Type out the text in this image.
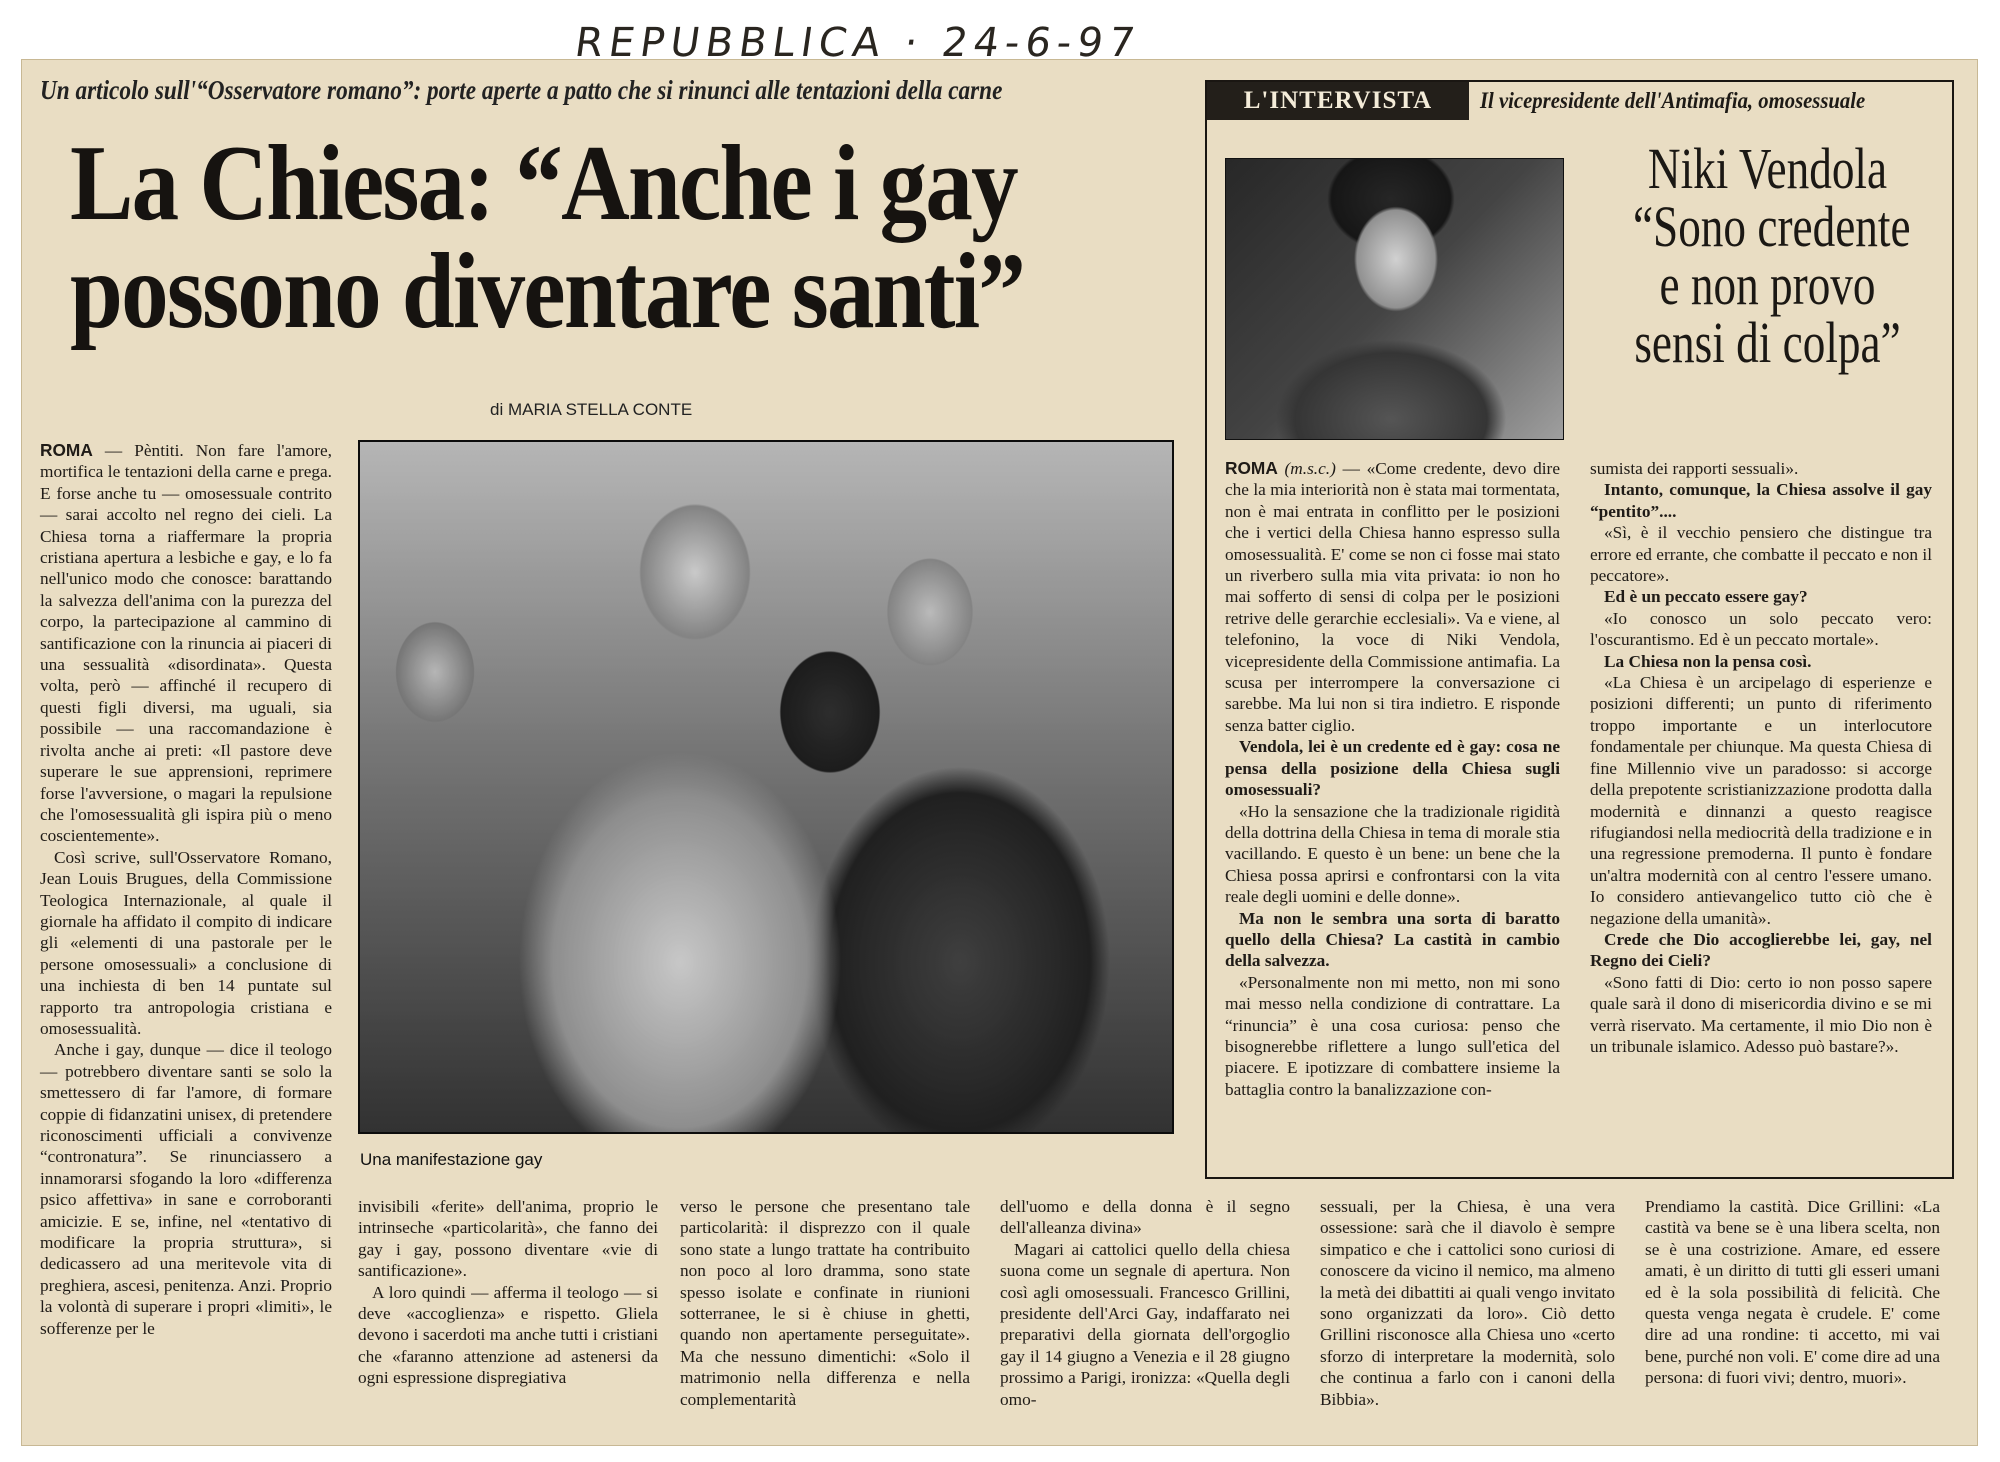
REPUBBLICA · 24-6-97
Un articolo sull'“Osservatore romano”: porte aperte a patto che si rinunci alle tentazioni della carne
La Chiesa: “Anche i gay
possono diventare santi”
di MARIA STELLA CONTE

ROMA — Pèntiti. Non fare l'amore, mortifica le tentazioni della carne e prega. E forse anche tu — omosessuale contrito — sarai accolto nel regno dei cieli. La Chiesa torna a riaffermare la propria cristiana apertura a lesbiche e gay, e lo fa nell'unico modo che conosce: barattando la salvezza dell'anima con la purezza del corpo, la partecipazione al cammino di santificazione con la rinuncia ai piaceri di una sessualità «disordinata». Questa volta, però — affinché il recupero di questi figli diversi, ma uguali, sia possibile — una raccomandazione è rivolta anche ai preti: «Il pastore deve superare le sue apprensioni, reprimere forse l'avversione, o magari la repulsione che l'omosessualità gli ispira più o meno coscientemente».

Così scrive, sull'Osservatore Romano, Jean Louis Brugues, della Commissione Teologica Internazionale, al quale il giornale ha affidato il compito di indicare gli «elementi di una pastorale per le persone omosessuali» a conclusione di una inchiesta di ben 14 puntate sul rapporto tra antropologia cristiana e omosessualità.

Anche i gay, dunque — dice il teologo — potrebbero diventare santi se solo la smettessero di far l'amore, di formare coppie di fidanzatini unisex, di pretendere riconoscimenti ufficiali a convivenze “contronatura”. Se rinunciassero a innamorarsi sfogando la loro «differenza psico affettiva» in sane e corroboranti amicizie. E se, infine, nel «tentativo di modificare la propria struttura», si dedicassero ad una meritevole vita di preghiera, ascesi, penitenza. Anzi. Proprio la volontà di superare i propri «limiti», le sofferenze per le

Una manifestazione gay

invisibili «ferite» dell'anima, proprio le intrinseche «particolarità», che fanno dei gay i gay, possono diventare «vie di santificazione».

A loro quindi — afferma il teologo — si deve «accoglienza» e rispetto. Gliela devono i sacerdoti ma anche tutti i cristiani che «faranno attenzione ad astenersi da ogni espressione dispregiativa

verso le persone che presentano tale particolarità: il disprezzo con il quale sono state a lungo trattate ha contribuito non poco al loro dramma, sono state spesso isolate e confinate in riunioni sotterranee, le si è chiuse in ghetti, quando non apertamente perseguitate». Ma che nessuno dimentichi: «Solo il matrimonio nella differenza e nella complementarità

dell'uomo e della donna è il segno dell'alleanza divina»

Magari ai cattolici quello della chiesa suona come un segnale di apertura. Non così agli omosessuali. Francesco Grillini, presidente dell'Arci Gay, indaffarato nei preparativi della giornata dell'orgoglio gay il 14 giugno a Venezia e il 28 giugno prossimo a Parigi, ironizza: «Quella degli omo-

sessuali, per la Chiesa, è una vera ossessione: sarà che il diavolo è sempre simpatico e che i cattolici sono curiosi di conoscere da vicino il nemico, ma almeno la metà dei dibattiti ai quali vengo invitato sono organizzati da loro». Ciò detto Grillini risconosce alla Chiesa uno «certo sforzo di interpretare la modernità, solo che continua a farlo con i canoni della Bibbia».

Prendiamo la castità. Dice Grillini: «La castità va bene se è una libera scelta, non se è una costrizione. Amare, ed essere amati, è un diritto di tutti gli esseri umani ed è la sola possibilità di felicità. Che questa venga negata è crudele. E' come dire ad una rondine: ti accetto, mi vai bene, purché non voli. E' come dire ad una persona: di fuori vivi; dentro, muori».

L'INTERVISTA	Il vicepresidente dell'Antimafia, omosessuale
Niki Vendola
“Sono credente
e non provo
sensi di colpa”

ROMA (m.s.c.) — «Come credente, devo dire che la mia interiorità non è stata mai tormentata, non è mai entrata in conflitto per le posizioni che i vertici della Chiesa hanno espresso sulla omosessualità. E' come se non ci fosse mai stato un riverbero sulla mia vita privata: io non ho mai sofferto di sensi di colpa per le posizioni retrive delle gerarchie ecclesiali». Va e viene, al telefonino, la voce di Niki Vendola, vicepresidente della Commissione antimafia. La scusa per interrompere la conversazione ci sarebbe. Ma lui non si tira indietro. E risponde senza batter ciglio.

Vendola, lei è un credente ed è gay: cosa ne pensa della posizione della Chiesa sugli omosessuali?

«Ho la sensazione che la tradizionale rigidità della dottrina della Chiesa in tema di morale stia vacillando. E questo è un bene: un bene che la Chiesa possa aprirsi e confrontarsi con la vita reale degli uomini e delle donne».

Ma non le sembra una sorta di baratto quello della Chiesa? La castità in cambio della salvezza.

«Personalmente non mi metto, non mi sono mai messo nella condizione di contrattare. La “rinuncia” è una cosa curiosa: penso che bisognerebbe riflettere a lungo sull'etica del piacere. E ipotizzare di combattere insieme la battaglia contro la banalizzazione con-

sumista dei rapporti sessuali».

Intanto, comunque, la Chiesa assolve il gay “pentito”....

«Sì, è il vecchio pensiero che distingue tra errore ed errante, che combatte il peccato e non il peccatore».

Ed è un peccato essere gay?

«Io conosco un solo peccato vero: l'oscurantismo. Ed è un peccato mortale».

La Chiesa non la pensa così.

«La Chiesa è un arcipelago di esperienze e posizioni differenti; un punto di riferimento troppo importante e un interlocutore fondamentale per chiunque. Ma questa Chiesa di fine Millennio vive un paradosso: si accorge della prepotente scristianizzazione prodotta dalla modernità e dinnanzi a questo reagisce rifugiandosi nella mediocrità della tradizione e in una regressione premoderna. Il punto è fondare un'altra modernità con al centro l'essere umano. Io considero antievangelico tutto ciò che è negazione della umanità».

Crede che Dio accoglierebbe lei, gay, nel Regno dei Cieli?

«Sono fatti di Dio: certo io non posso sapere quale sarà il dono di misericordia divino e se mi verrà riservato. Ma certamente, il mio Dio non è un tribunale islamico. Adesso può bastare?».
